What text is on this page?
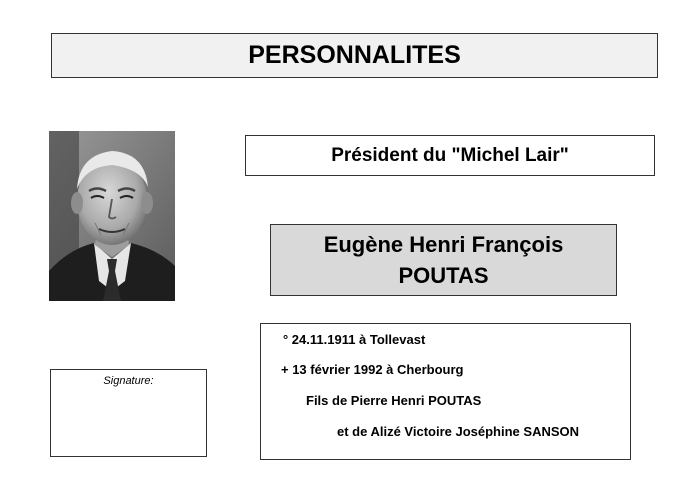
PERSONNALITES
Président du "Michel Lair"
Eugène Henri François
POUTAS
° 24.11.1911 à Tollevast
+ 13 février 1992 à Cherbourg
Fils de Pierre Henri POUTAS
et de Alizé Victoire Joséphine SANSON
Signature:
